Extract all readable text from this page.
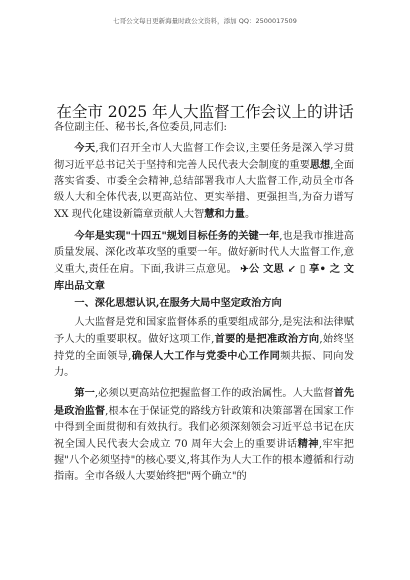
七哥公文每日更新海量时政公文资料，添加 QQ：2500017509
在全市 2025 年人大监督工作会议上的讲话

各位副主任、秘书长,各位委员,同志们:

今天,我们召开全市人大监督工作会议,主要任务是深入学习贯彻习近平总书记关于坚持和完善人民代表大会制度的重要思想,全面落实省委、市委全会精神,总结部署我市人大监督工作,动员全市各级人大和全体代表,以更高站位、更实举措、更强担当,为奋力谱写 XX 现代化建设新篇章贡献人大智慧和力量。

今年是实现"十四五"规划目标任务的关键一年,也是我市推进高质量发展、深化改革攻坚的重要一年。做好新时代人大监督工作,意义重大,责任在肩。下面,我讲三点意见。 ✈公 文思 ↙ ▯ 享• 之 文库出品文章

一、深化思想认识,在服务大局中坚定政治方向

人大监督是党和国家监督体系的重要组成部分,是宪法和法律赋予人大的重要职权。做好这项工作,首要的是把准政治方向,始终坚持党的全面领导,确保人大工作与党委中心工作同频共振、同向发力。

第一,必须以更高站位把握监督工作的政治属性。人大监督首先是政治监督,根本在于保证党的路线方针政策和决策部署在国家工作中得到全面贯彻和有效执行。我们必须深刻领会习近平总书记在庆祝全国人民代表大会成立 70 周年大会上的重要讲话精神,牢牢把握"八个必须坚持"的核心要义,将其作为人大工作的根本遵循和行动指南。全市各级人大要始终把"两个确立"的
